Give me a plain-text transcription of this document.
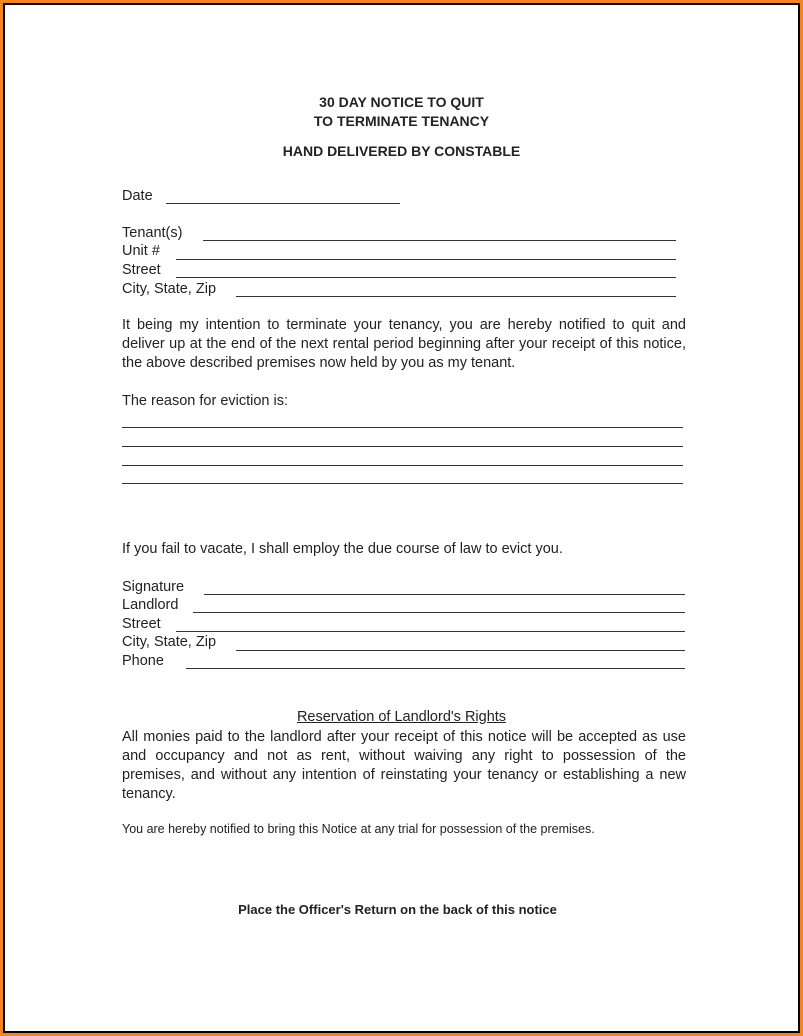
30 DAY NOTICE TO QUIT
TO TERMINATE TENANCY
HAND DELIVERED BY CONSTABLE
Date
Tenant(s)
Unit #
Street
City, State, Zip
It being my intention to terminate your tenancy, you are hereby notified to quit and deliver up at the end of the next rental period beginning after your receipt of this notice, the above described premises now held by you as my tenant.
The reason for eviction is:
If you fail to vacate, I shall employ the due course of law to evict you.
Signature
Landlord
Street
City, State, Zip
Phone
Reservation of Landlord's Rights
All monies paid to the landlord after your receipt of this notice will be accepted as use and occupancy and not as rent, without waiving any right to possession of the premises, and without any intention of reinstating your tenancy or establishing a new tenancy.
You are hereby notified to bring this Notice at any trial for possession of the premises.
Place the Officer's Return on the back of this notice
